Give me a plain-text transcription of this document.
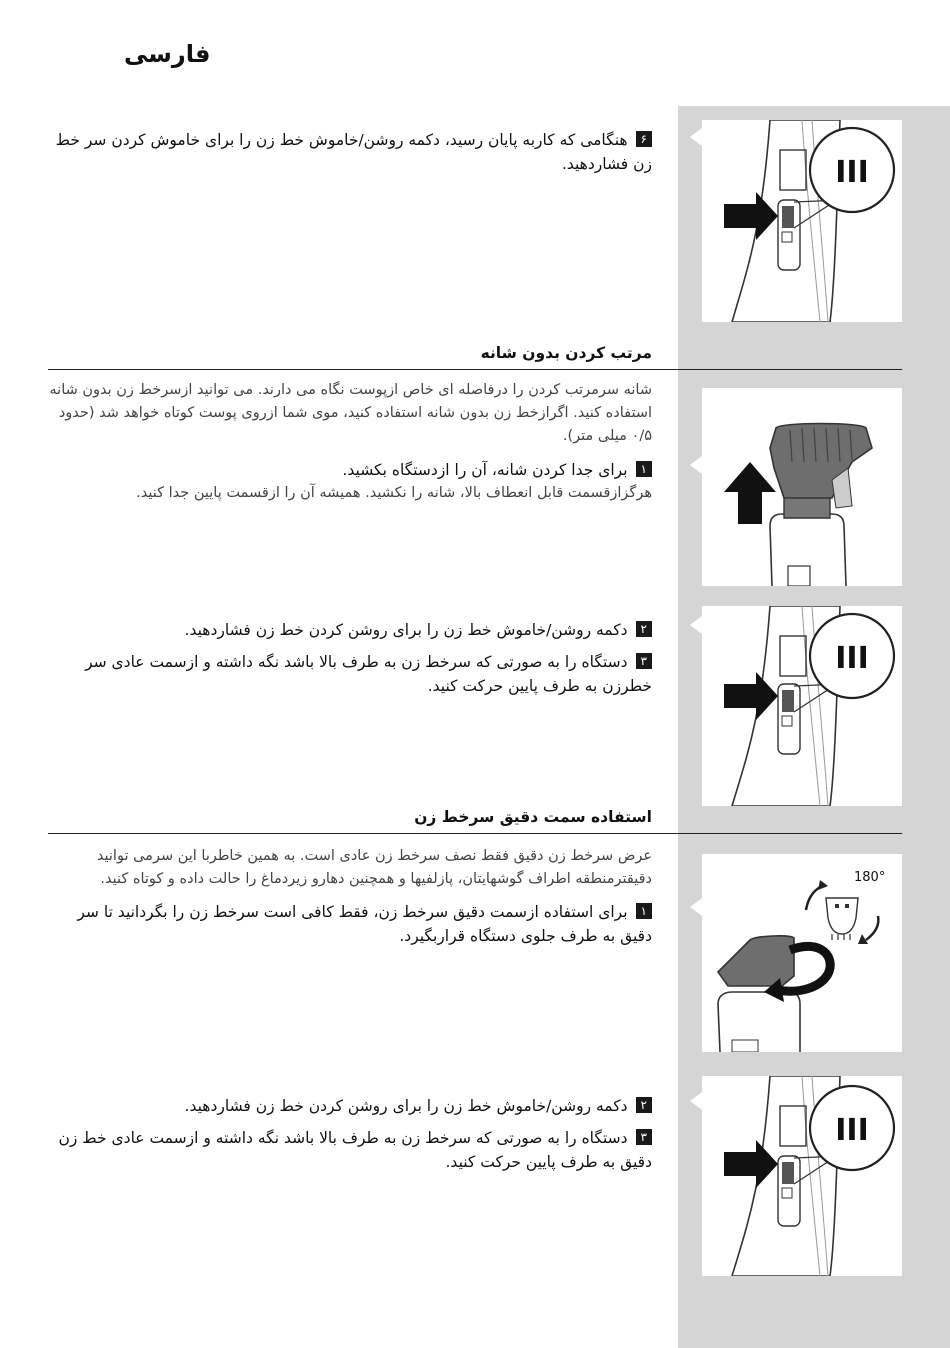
فارسی
۶هنگامی که کاربه پایان رسید، دکمه روشن/خاموش خط زن را برای خاموش کردن سر خط زن فشاردهید.	III
مرتب کردن بدون شانه
شانه سرمرتب کردن را درفاصله ای خاص ازپوست نگاه می دارند. می توانید ازسرخط زن بدون شانه استفاده کنید. اگرازخط زن بدون شانه استفاده کنید، موی شما ازروی پوست کوتاه خواهد شد (حدود ۰/۵ میلی متر).
۱برای جدا کردن شانه، آن را ازدستگاه بکشید.
هرگزازقسمت قابل انعطاف بالا، شانه را نکشید. همیشه آن را ازقسمت پایین جدا کنید.
۲دکمه روشن/خاموش خط زن را برای روشن کردن خط زن فشاردهید.
۳دستگاه را به صورتی که سرخط زن به طرف بالا باشد نگه داشته و ازسمت عادی سر خطرزن به طرف پایین حرکت کنید.
III
استفاده سمت دقیق سرخط زن
عرض سرخط زن دقیق فقط نصف سرخط زن عادی است. به همین خاطربا این سرمی توانید دقیقترمنطقه اطراف گوشهایتان، پازلفیها و همچنین دهارو زیردماغ را حالت داده و کوتاه کنید.
۱برای استفاده ازسمت دقیق سرخط زن، فقط کافی است سرخط زن را بگردانید تا سر دقیق به طرف جلوی دستگاه قراربگیرد.
180°
۲دکمه روشن/خاموش خط زن را برای روشن کردن خط زن فشاردهید.
۳دستگاه را به صورتی که سرخط زن به طرف بالا باشد نگه داشته و ازسمت عادی خط زن دقیق به طرف پایین حرکت کنید.
III
